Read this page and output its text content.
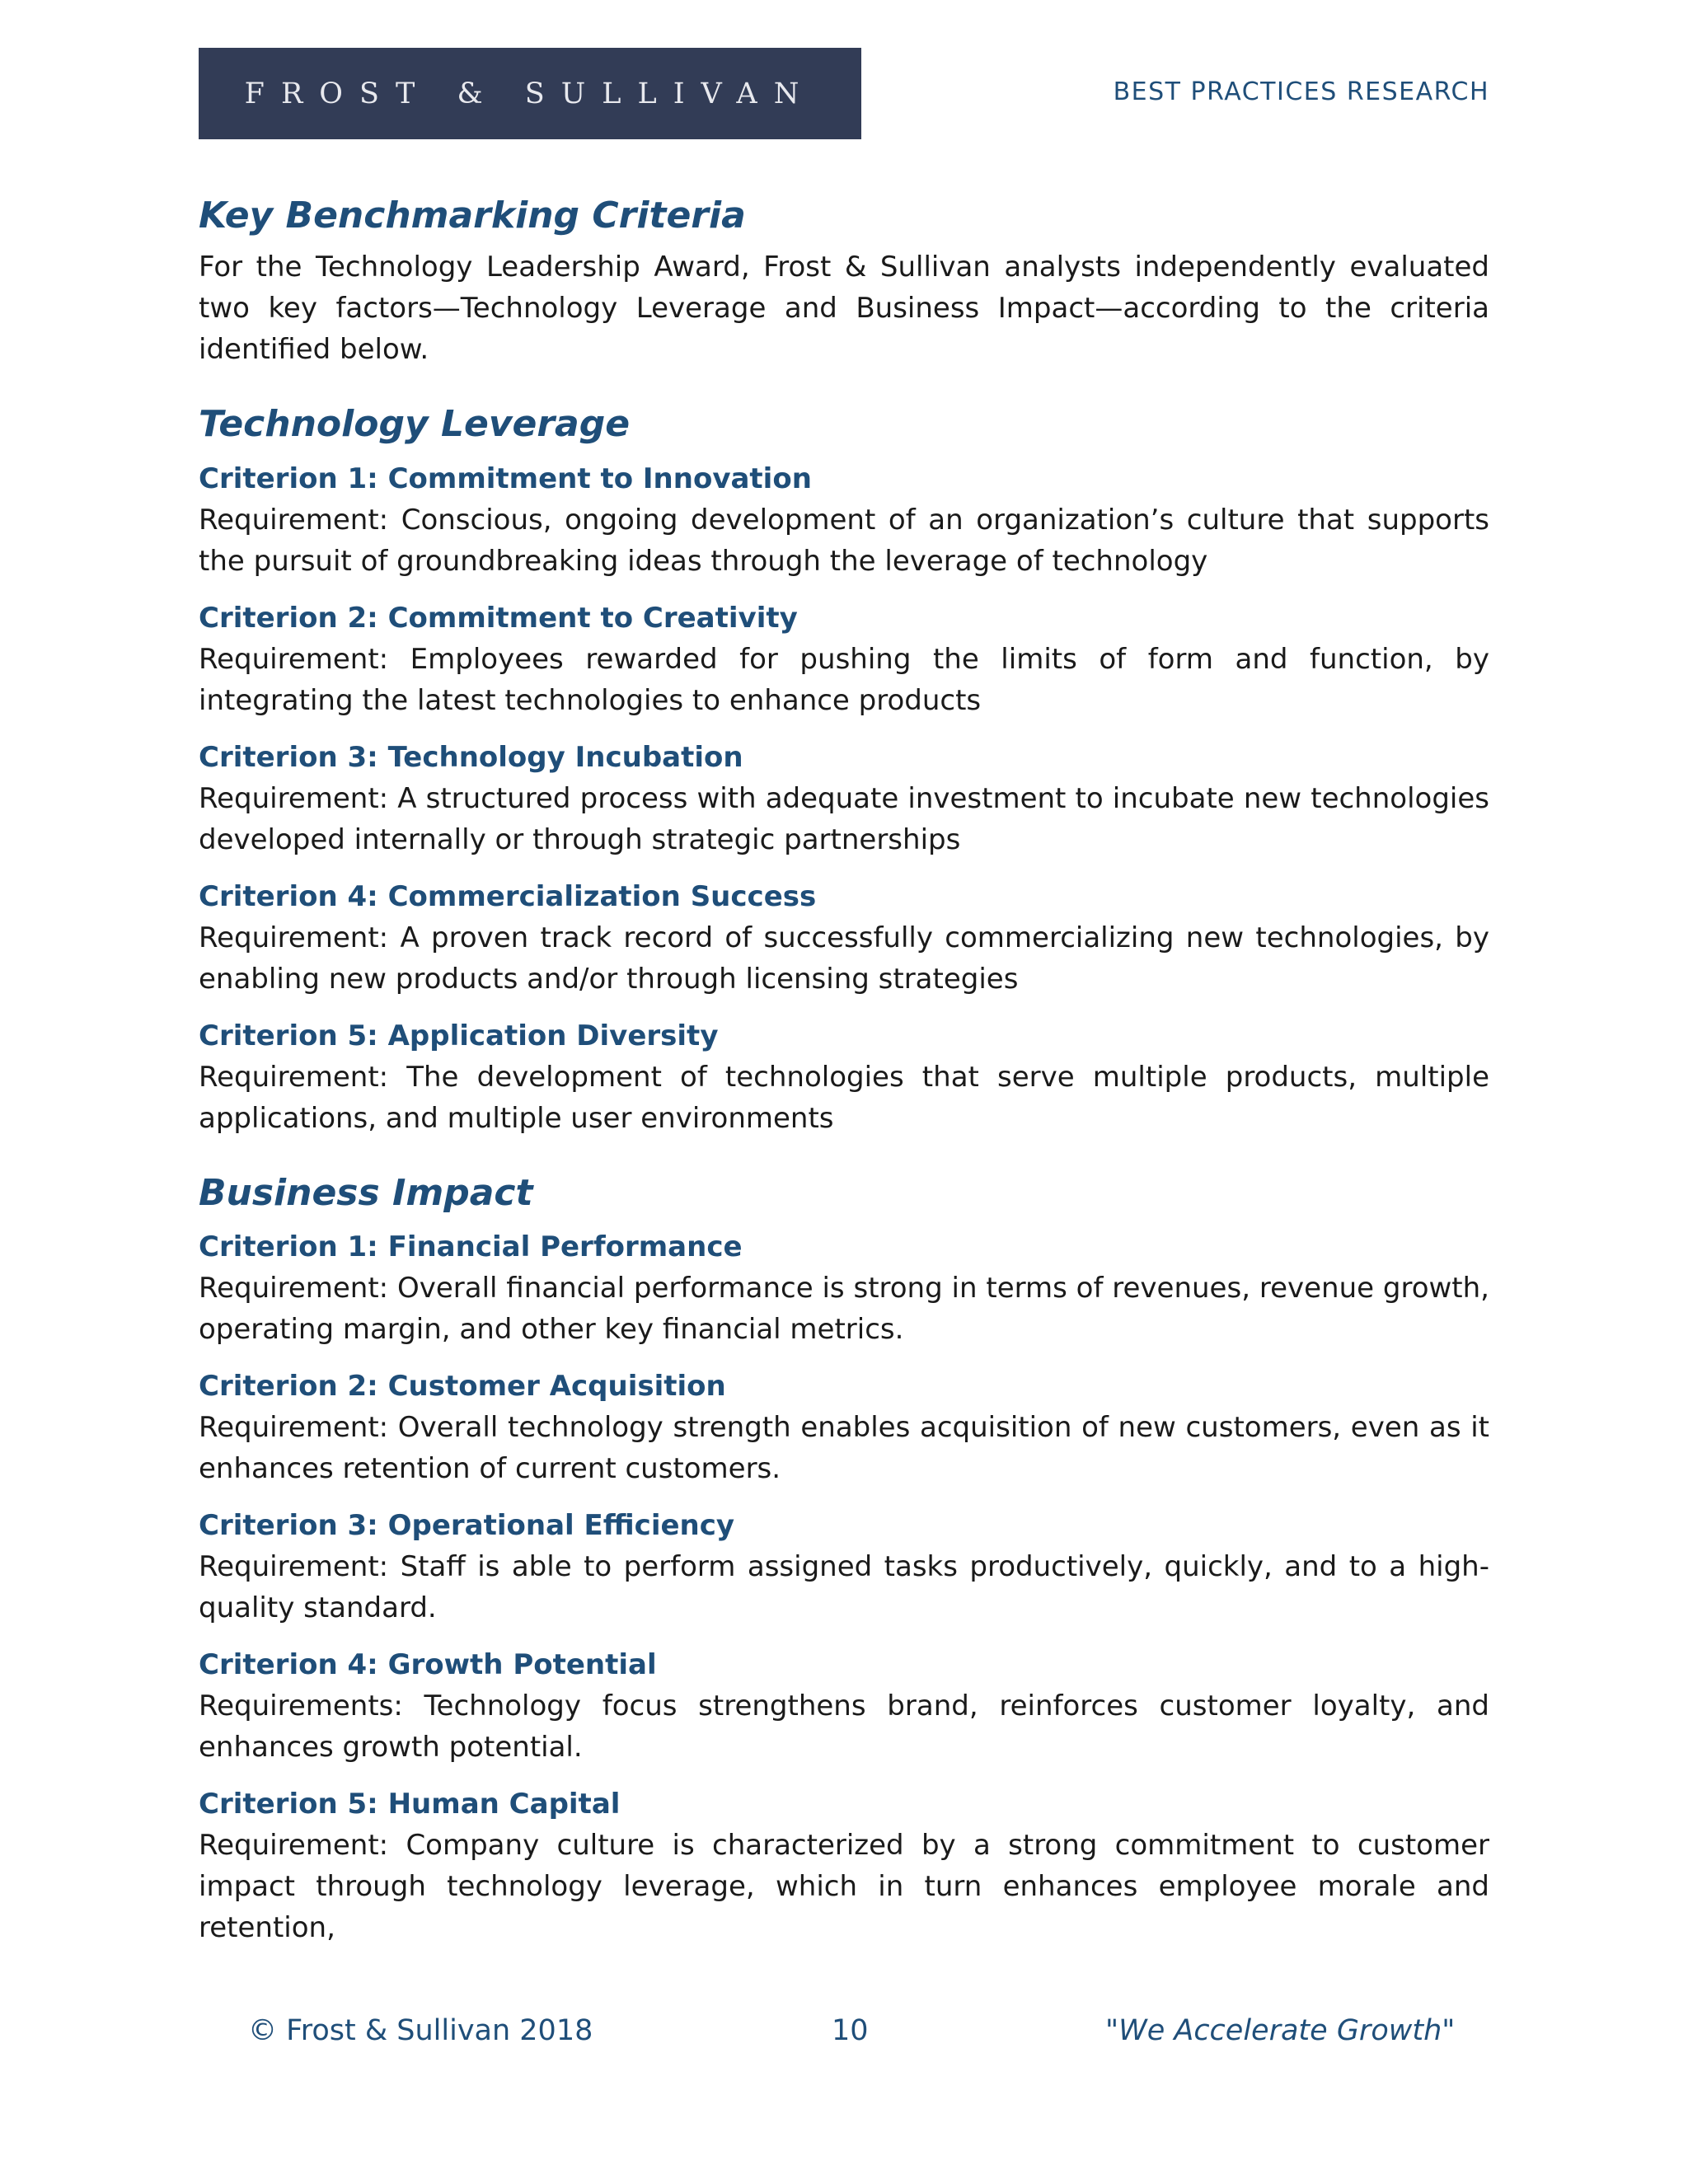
FROST & SULLIVAN	BEST PRACTICES RESEARCH
Key Benchmarking Criteria

For the Technology Leadership Award, Frost & Sullivan analysts independently evaluated two key factors—Technology Leverage and Business Impact—according to the criteria identified below.

Technology Leverage

Criterion 1: Commitment to Innovation

Requirement: Conscious, ongoing development of an organization’s culture that supports the pursuit of groundbreaking ideas through the leverage of technology

Criterion 2: Commitment to Creativity

Requirement: Employees rewarded for pushing the limits of form and function, by integrating the latest technologies to enhance products

Criterion 3: Technology Incubation

Requirement: A structured process with adequate investment to incubate new technologies developed internally or through strategic partnerships

Criterion 4: Commercialization Success

Requirement: A proven track record of successfully commercializing new technologies, by enabling new products and/or through licensing strategies

Criterion 5: Application Diversity

Requirement: The development of technologies that serve multiple products, multiple applications, and multiple user environments

Business Impact

Criterion 1: Financial Performance

Requirement: Overall financial performance is strong in terms of revenues, revenue growth, operating margin, and other key financial metrics.

Criterion 2: Customer Acquisition

Requirement: Overall technology strength enables acquisition of new customers, even as it enhances retention of current customers.

Criterion 3: Operational Efficiency

Requirement: Staff is able to perform assigned tasks productively, quickly, and to a high-quality standard.

Criterion 4: Growth Potential

Requirements: Technology focus strengthens brand, reinforces customer loyalty, and enhances growth potential.

Criterion 5: Human Capital

Requirement: Company culture is characterized by a strong commitment to customer impact through technology leverage, which in turn enhances employee morale and retention,

© Frost & Sullivan 2018	10	"We Accelerate Growth"
